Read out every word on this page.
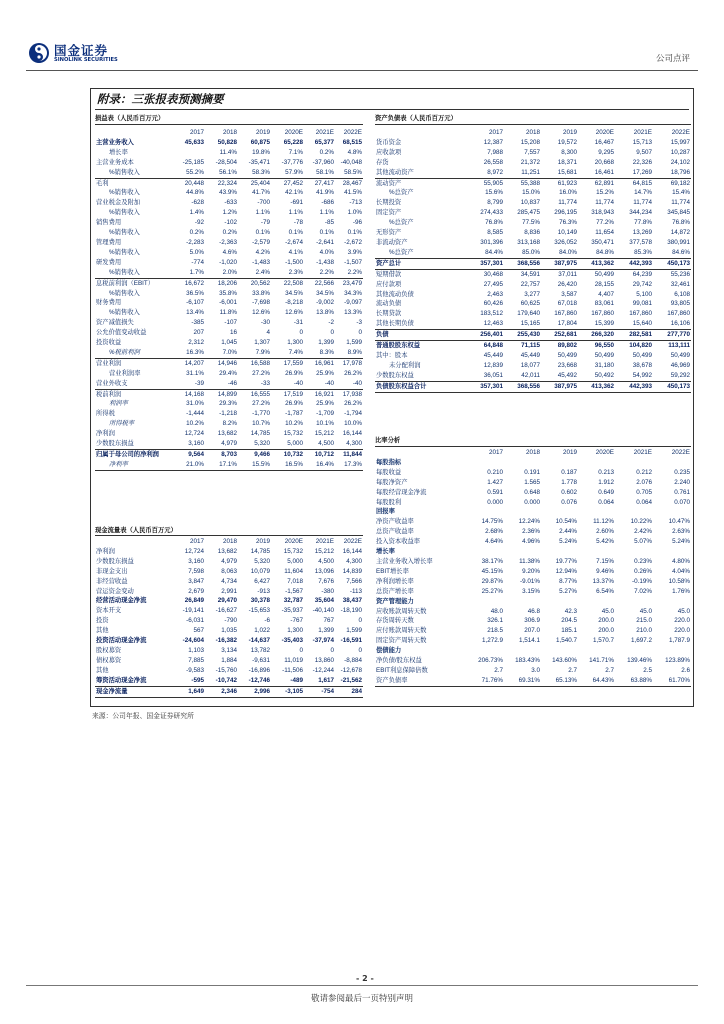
国金证券
SINOLINK SECURITIES	公司点评
附录：三张报表预测摘要
损益表（人民币百万元）
	2017	2018	2019	2020E	2021E	2022E
主营业务收入	45,633	50,828	60,875	65,228	65,377	68,515
增长率		11.4%	19.8%	7.1%	0.2%	4.8%
主营业务成本	-25,185	-28,504	-35,471	-37,776	-37,960	-40,048
%销售收入	55.2%	56.1%	58.3%	57.9%	58.1%	58.5%
毛利	20,448	22,324	25,404	27,452	27,417	28,467
%销售收入	44.8%	43.9%	41.7%	42.1%	41.9%	41.5%
营业税金及附加	-628	-633	-700	-691	-686	-713
%销售收入	1.4%	1.2%	1.1%	1.1%	1.1%	1.0%
销售费用	-92	-102	-79	-78	-85	-96
%销售收入	0.2%	0.2%	0.1%	0.1%	0.1%	0.1%
管理费用	-2,283	-2,363	-2,579	-2,674	-2,641	-2,672
%销售收入	5.0%	4.6%	4.2%	4.1%	4.0%	3.9%
研发费用	-774	-1,020	-1,483	-1,500	-1,438	-1,507
%销售收入	1.7%	2.0%	2.4%	2.3%	2.2%	2.2%
息税前利润（EBIT）	16,672	18,206	20,562	22,508	22,566	23,479
%销售收入	36.5%	35.8%	33.8%	34.5%	34.5%	34.3%
财务费用	-6,107	-6,001	-7,698	-8,218	-9,002	-9,097
%销售收入	13.4%	11.8%	12.6%	12.6%	13.8%	13.3%
资产减值损失	-385	-107	-30	-31	-2	-3
公允价值变动收益	207	16	4	0	0	0
投资收益	2,312	1,045	1,307	1,300	1,399	1,599
%税前利润	16.3%	7.0%	7.9%	7.4%	8.3%	8.9%
营业利润	14,207	14,946	16,588	17,559	16,961	17,978
营业利润率	31.1%	29.4%	27.2%	26.9%	25.9%	26.2%
营业外收支	-39	-46	-33	-40	-40	-40
税前利润	14,168	14,899	16,555	17,519	16,921	17,938
利润率	31.0%	29.3%	27.2%	26.9%	25.9%	26.2%
所得税	-1,444	-1,218	-1,770	-1,787	-1,709	-1,794
所得税率	10.2%	8.2%	10.7%	10.2%	10.1%	10.0%
净利润	12,724	13,682	14,785	15,732	15,212	16,144
少数股东损益	3,160	4,979	5,320	5,000	4,500	4,300
归属于母公司的净利润	9,564	8,703	9,466	10,732	10,712	11,844
净利率	21.0%	17.1%	15.5%	16.5%	16.4%	17.3%
现金流量表（人民币百万元）
	2017	2018	2019	2020E	2021E	2022E
净利润	12,724	13,682	14,785	15,732	15,212	16,144
少数股东损益	3,160	4,979	5,320	5,000	4,500	4,300
非现金支出	7,598	8,063	10,079	11,604	13,096	14,839
非经营收益	3,847	4,734	6,427	7,018	7,676	7,566
营运资金变动	2,679	2,991	-913	-1,567	-380	-113
经营活动现金净流	26,849	29,470	30,378	32,787	35,604	38,437
资本开支	-19,141	-16,627	-15,653	-35,937	-40,140	-18,190
投资	-6,031	-790	-6	-767	767	0
其他	567	1,035	1,022	1,300	1,399	1,599
投资活动现金净流	-24,604	-16,382	-14,637	-35,403	-37,974	-16,591
股权募资	1,103	3,134	13,782	0	0	0
债权募资	7,885	1,884	-9,631	11,019	13,860	-8,884
其他	-9,583	-15,760	-16,896	-11,506	-12,244	-12,678
筹资活动现金净流	-595	-10,742	-12,746	-489	1,617	-21,562
现金净流量	1,649	2,346	2,996	-3,105	-754	284
资产负债表（人民币百万元）
	2017	2018	2019	2020E	2021E	2022E
货币资金	12,387	15,208	19,572	16,467	15,713	15,997
应收款项	7,988	7,557	8,300	9,295	9,507	10,287
存货	26,558	21,372	18,371	20,668	22,326	24,102
其他流动资产	8,972	11,251	15,681	16,461	17,269	18,796
流动资产	55,905	55,388	61,923	62,891	64,815	69,182
%总资产	15.6%	15.0%	16.0%	15.2%	14.7%	15.4%
长期投资	8,799	10,837	11,774	11,774	11,774	11,774
固定资产	274,433	285,475	296,195	318,943	344,234	345,845
%总资产	76.8%	77.5%	76.3%	77.2%	77.8%	76.8%
无形资产	8,585	8,836	10,149	11,654	13,269	14,872
非流动资产	301,396	313,168	326,052	350,471	377,578	380,991
%总资产	84.4%	85.0%	84.0%	84.8%	85.3%	84.6%
资产总计	357,301	368,556	387,975	413,362	442,393	450,173
短期借款	30,468	34,591	37,011	50,499	64,239	55,236
应付款项	27,495	22,757	26,420	28,155	29,742	32,461
其他流动负债	2,463	3,277	3,587	4,407	5,100	6,108
流动负债	60,426	60,625	67,018	83,061	99,081	93,805
长期贷款	183,512	179,640	167,860	167,860	167,860	167,860
其他长期负债	12,463	15,165	17,804	15,399	15,640	16,106
负债	256,401	255,430	252,681	266,320	282,581	277,770
普通股股东权益	64,848	71,115	89,802	96,550	104,820	113,111
其中：股本	45,449	45,449	50,499	50,499	50,499	50,499
未分配利润	12,839	18,077	23,668	31,180	38,678	46,969
少数股东权益	36,051	42,011	45,492	50,492	54,992	59,292
负债股东权益合计	357,301	368,556	387,975	413,362	442,393	450,173
比率分析
	2017	2018	2019	2020E	2021E	2022E
每股指标						
每股收益	0.210	0.191	0.187	0.213	0.212	0.235
每股净资产	1.427	1.565	1.778	1.912	2.076	2.240
每股经营现金净流	0.591	0.648	0.602	0.649	0.705	0.761
每股股利	0.000	0.000	0.076	0.064	0.064	0.070
回报率						
净资产收益率	14.75%	12.24%	10.54%	11.12%	10.22%	10.47%
总资产收益率	2.68%	2.36%	2.44%	2.60%	2.42%	2.63%
投入资本收益率	4.64%	4.96%	5.24%	5.42%	5.07%	5.24%
增长率						
主营业务收入增长率	38.17%	11.38%	19.77%	7.15%	0.23%	4.80%
EBIT增长率	45.15%	9.20%	12.94%	9.46%	0.26%	4.04%
净利润增长率	29.87%	-9.01%	8.77%	13.37%	-0.19%	10.58%
总资产增长率	25.27%	3.15%	5.27%	6.54%	7.02%	1.76%
资产管理能力						
应收账款周转天数	48.0	46.8	42.3	45.0	45.0	45.0
存货周转天数	326.1	306.9	204.5	200.0	215.0	220.0
应付账款周转天数	218.5	207.0	185.1	200.0	210.0	220.0
固定资产周转天数	1,272.9	1,514.1	1,540.7	1,570.7	1,697.2	1,787.9
偿债能力						
净负债/股东权益	206.73%	183.43%	143.60%	141.71%	139.46%	123.89%
EBIT利息保障倍数	2.7	3.0	2.7	2.7	2.5	2.6
资产负债率	71.76%	69.31%	65.13%	64.43%	63.88%	61.70%
来源：公司年报、国金证券研究所
- 2 -
敬请参阅最后一页特别声明
